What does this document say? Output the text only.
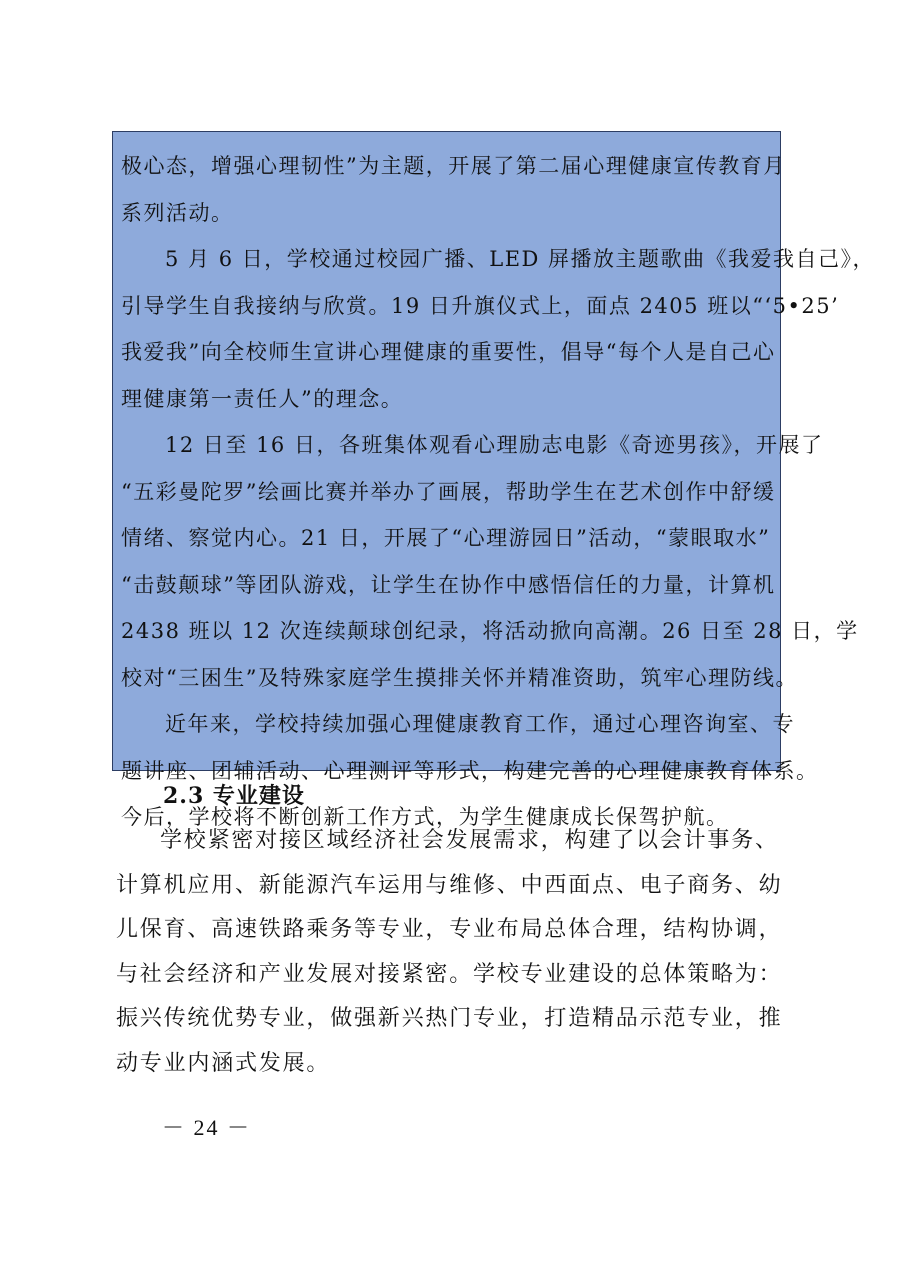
极心态，增强心理韧性”为主题，开展了第二届心理健康宣传教育月
系列活动。
5 月 6 日，学校通过校园广播、LED 屏播放主题歌曲《我爱我自己》，
引导学生自我接纳与欣赏。19 日升旗仪式上，面点 2405 班以“‘5•25’
我爱我”向全校师生宣讲心理健康的重要性，倡导“每个人是自己心
理健康第一责任人”的理念。
12 日至 16 日，各班集体观看心理励志电影《奇迹男孩》，开展了
“五彩曼陀罗”绘画比赛并举办了画展，帮助学生在艺术创作中舒缓
情绪、察觉内心。21 日，开展了“心理游园日”活动，“蒙眼取水”
“击鼓颠球”等团队游戏，让学生在协作中感悟信任的力量，计算机
2438 班以 12 次连续颠球创纪录，将活动掀向高潮。26 日至 28 日，学
校对“三困生”及特殊家庭学生摸排关怀并精准资助，筑牢心理防线。
近年来，学校持续加强心理健康教育工作，通过心理咨询室、专
题讲座、团辅活动、心理测评等形式，构建完善的心理健康教育体系。
今后，学校将不断创新工作方式，为学生健康成长保驾护航。
2.3 专业建设
学校紧密对接区域经济社会发展需求，构建了以会计事务、
计算机应用、新能源汽车运用与维修、中西面点、电子商务、幼
儿保育、高速铁路乘务等专业，专业布局总体合理，结构协调，
与社会经济和产业发展对接紧密。学校专业建设的总体策略为：
振兴传统优势专业，做强新兴热门专业，打造精品示范专业，推
动专业内涵式发展。
－ 24 －
